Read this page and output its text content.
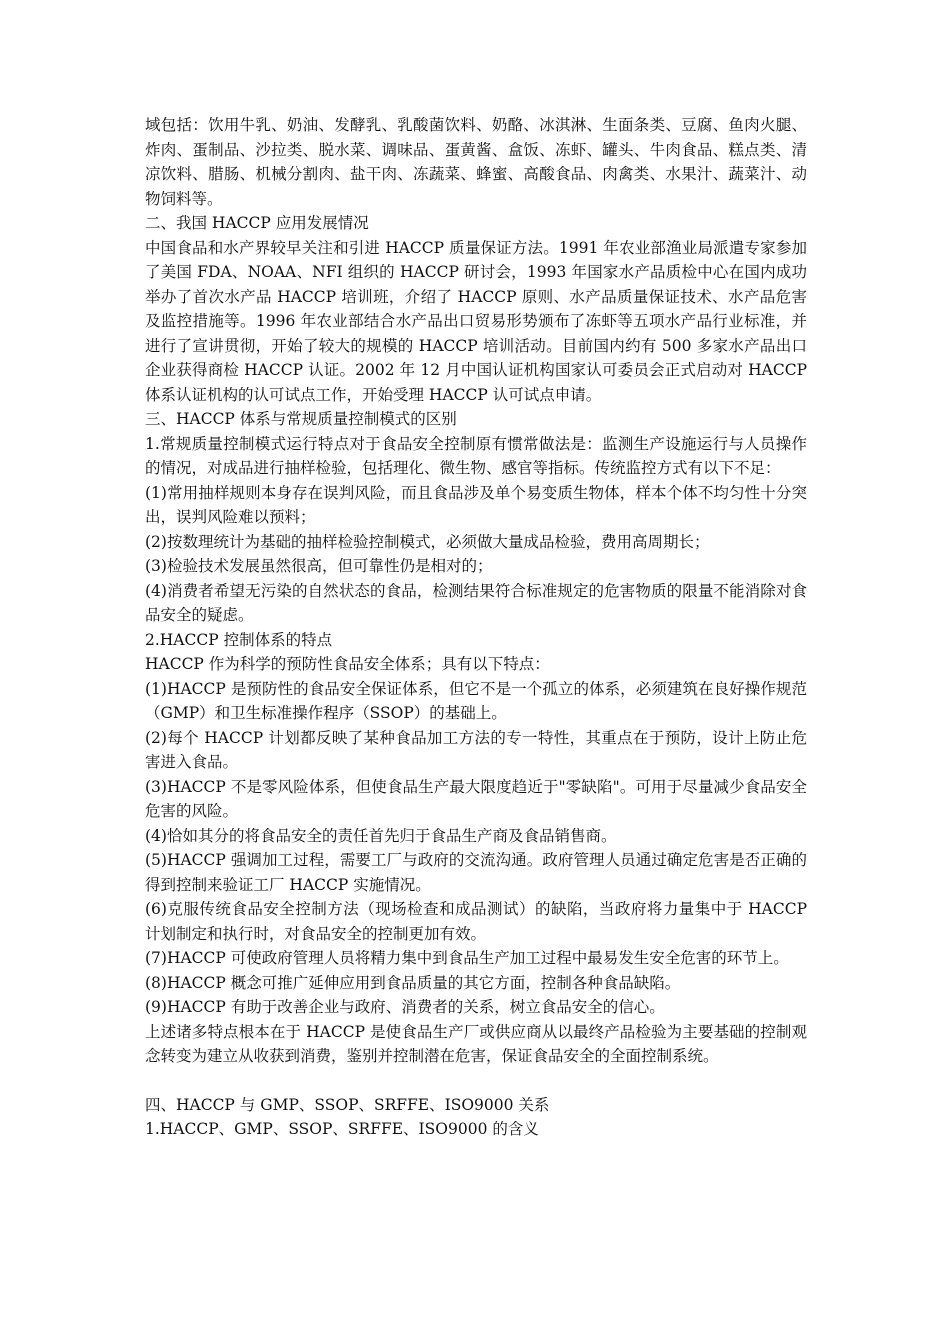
域包括：饮用牛乳、奶油、发酵乳、乳酸菌饮料、奶酪、冰淇淋、生面条类、豆腐、鱼肉火腿、炸肉、蛋制品、沙拉类、脱水菜、调味品、蛋黄酱、盒饭、冻虾、罐头、牛肉食品、糕点类、清凉饮料、腊肠、机械分割肉、盐干肉、冻蔬菜、蜂蜜、高酸食品、肉禽类、水果汁、蔬菜汁、动物饲料等。

二、我国 HACCP 应用发展情况

中国食品和水产界较早关注和引进 HACCP 质量保证方法。1991 年农业部渔业局派遣专家参加了美国 FDA、NOAA、NFI 组织的 HACCP 研讨会，1993 年国家水产品质检中心在国内成功举办了首次水产品 HACCP 培训班，介绍了 HACCP 原则、水产品质量保证技术、水产品危害及监控措施等。1996 年农业部结合水产品出口贸易形势颁布了冻虾等五项水产品行业标准，并进行了宣讲贯彻，开始了较大的规模的 HACCP 培训活动。目前国内约有 500 多家水产品出口企业获得商检 HACCP 认证。2002 年 12 月中国认证机构国家认可委员会正式启动对 HACCP 体系认证机构的认可试点工作，开始受理 HACCP 认可试点申请。

三、HACCP 体系与常规质量控制模式的区别

1.常规质量控制模式运行特点对于食品安全控制原有惯常做法是：监测生产设施运行与人员操作的情况，对成品进行抽样检验，包括理化、微生物、感官等指标。传统监控方式有以下不足：

(1)常用抽样规则本身存在误判风险，而且食品涉及单个易变质生物体，样本个体不均匀性十分突出，误判风险难以预料；

(2)按数理统计为基础的抽样检验控制模式，必须做大量成品检验，费用高周期长；

(3)检验技术发展虽然很高，但可靠性仍是相对的；

(4)消费者希望无污染的自然状态的食品，检测结果符合标准规定的危害物质的限量不能消除对食品安全的疑虑。

2.HACCP 控制体系的特点

HACCP 作为科学的预防性食品安全体系；具有以下特点：

(1)HACCP 是预防性的食品安全保证体系，但它不是一个孤立的体系，必须建筑在良好操作规范（GMP）和卫生标准操作程序（SSOP）的基础上。

(2)每个 HACCP 计划都反映了某种食品加工方法的专一特性，其重点在于预防，设计上防止危害进入食品。

(3)HACCP 不是零风险体系，但使食品生产最大限度趋近于"零缺陷"。可用于尽量减少食品安全危害的风险。

(4)恰如其分的将食品安全的责任首先归于食品生产商及食品销售商。

(5)HACCP 强调加工过程，需要工厂与政府的交流沟通。政府管理人员通过确定危害是否正确的得到控制来验证工厂 HACCP 实施情况。

(6)克服传统食品安全控制方法（现场检查和成品测试）的缺陷，当政府将力量集中于 HACCP 计划制定和执行时，对食品安全的控制更加有效。

(7)HACCP 可使政府管理人员将精力集中到食品生产加工过程中最易发生安全危害的环节上。

(8)HACCP 概念可推广延伸应用到食品质量的其它方面，控制各种食品缺陷。

(9)HACCP 有助于改善企业与政府、消费者的关系，树立食品安全的信心。

上述诸多特点根本在于 HACCP 是使食品生产厂或供应商从以最终产品检验为主要基础的控制观念转变为建立从收获到消费，鉴别并控制潜在危害，保证食品安全的全面控制系统。

四、HACCP 与 GMP、SSOP、SRFFE、ISO9000 关系

1.HACCP、GMP、SSOP、SRFFE、ISO9000 的含义
